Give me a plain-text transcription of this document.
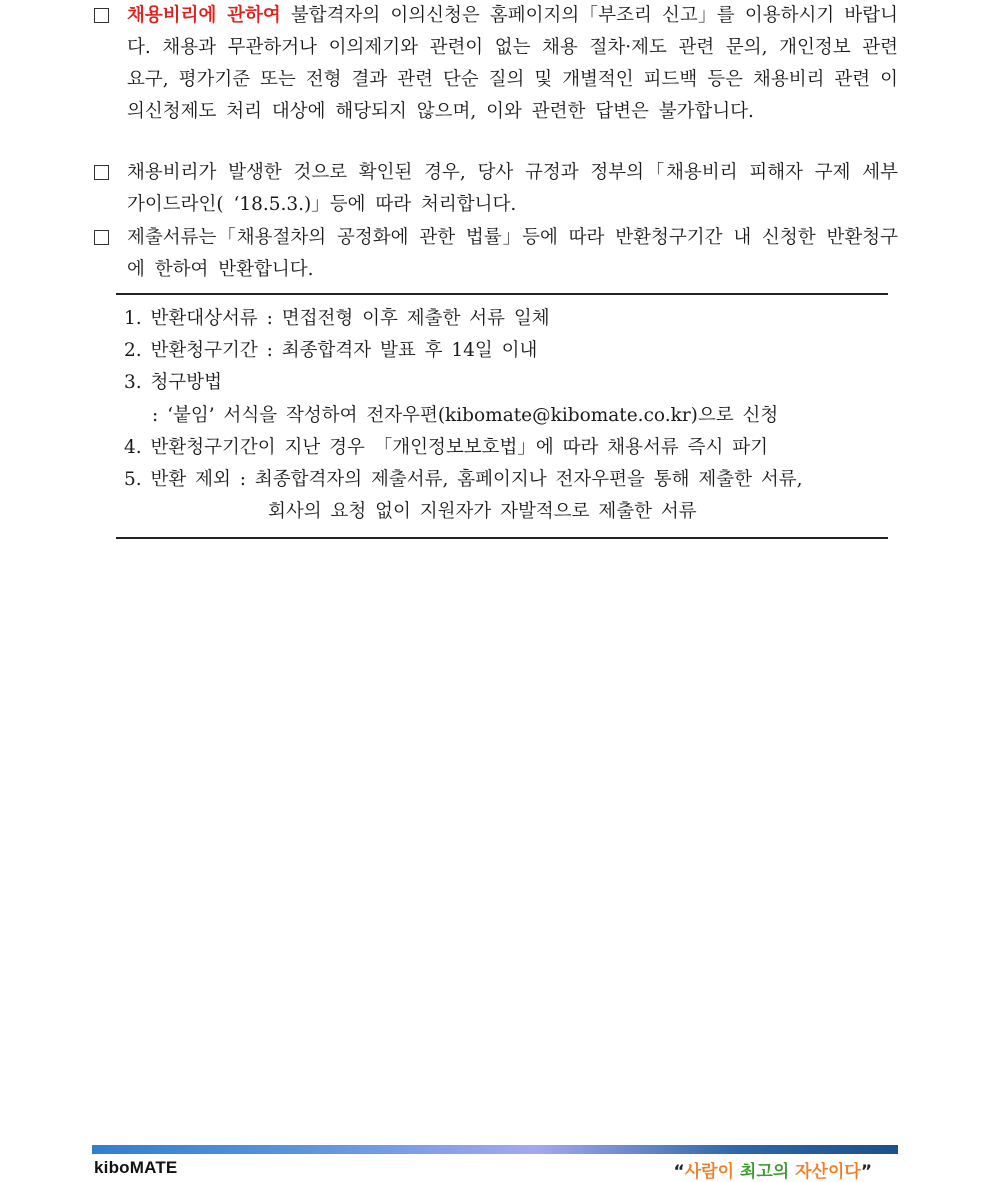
채용비리에 관하여 불합격자의 이의신청은 홈페이지의「부조리 신고」를 이용하시기 바랍니다. 채용과 무관하거나 이의제기와 관련이 없는 채용 절차·제도 관련 문의, 개인정보 관련 요구, 평가기준 또는 전형 결과 관련 단순 질의 및 개별적인 피드백 등은 채용비리 관련 이의신청제도 처리 대상에 해당되지 않으며, 이와 관련한 답변은 불가합니다.
채용비리가 발생한 것으로 확인된 경우, 당사 규정과 정부의「채용비리 피해자 구제 세부 가이드라인( ‘18.5.3.)」등에 따라 처리합니다.
제출서류는「채용절차의 공정화에 관한 법률」등에 따라 반환청구기간 내 신청한 반환청구에 한하여 반환합니다.
1. 반환대상서류 : 면접전형 이후 제출한 서류 일체
2. 반환청구기간 : 최종합격자 발표 후 14일 이내
3. 청구방법
: ‘붙임’ 서식을 작성하여 전자우편(kibomate@kibomate.co.kr)으로 신청
4. 반환청구기간이 지난 경우 「개인정보보호법」에 따라 채용서류 즉시 파기
5. 반환 제외 : 최종합격자의 제출서류, 홈페이지나 전자우편을 통해 제출한 서류,
회사의 요청 없이 지원자가 자발적으로 제출한 서류
kiboMATE	“사람이 최고의 자산이다”
